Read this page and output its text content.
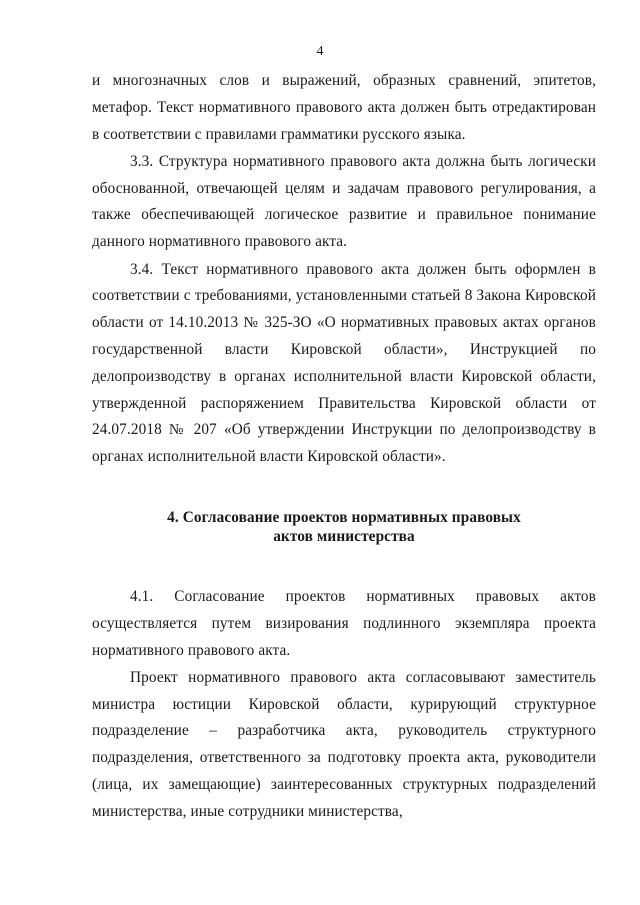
4

и многозначных слов и выражений, образных сравнений, эпитетов, метафор. Текст нормативного правового акта должен быть отредактирован в соответствии с правилами грамматики русского языка.

3.3. Структура нормативного правового акта должна быть логически обоснованной, отвечающей целям и задачам правового регулирования, а также обеспечивающей логическое развитие и правильное понимание данного нормативного правового акта.

3.4. Текст нормативного правового акта должен быть оформлен в соответствии с требованиями, установленными статьей 8 Закона Кировской области от 14.10.2013 № 325-ЗО «О нормативных правовых актах органов государственной власти Кировской области», Инструкцией по делопроизводству в органах исполнительной власти Кировской области, утвержденной распоряжением Правительства Кировской области от 24.07.2018 № 207 «Об утверждении Инструкции по делопроизводству в органах исполнительной власти Кировской области».

4. Согласование проектов нормативных правовых
актов министерства

4.1. Согласование проектов нормативных правовых актов осуществляется путем визирования подлинного экземпляра проекта нормативного правового акта.

Проект нормативного правового акта согласовывают заместитель министра юстиции Кировской области, курирующий структурное подразделение – разработчика акта, руководитель структурного подразделения, ответственного за подготовку проекта акта, руководители (лица, их замещающие) заинтересованных структурных подразделений министерства, иные сотрудники министерства,
